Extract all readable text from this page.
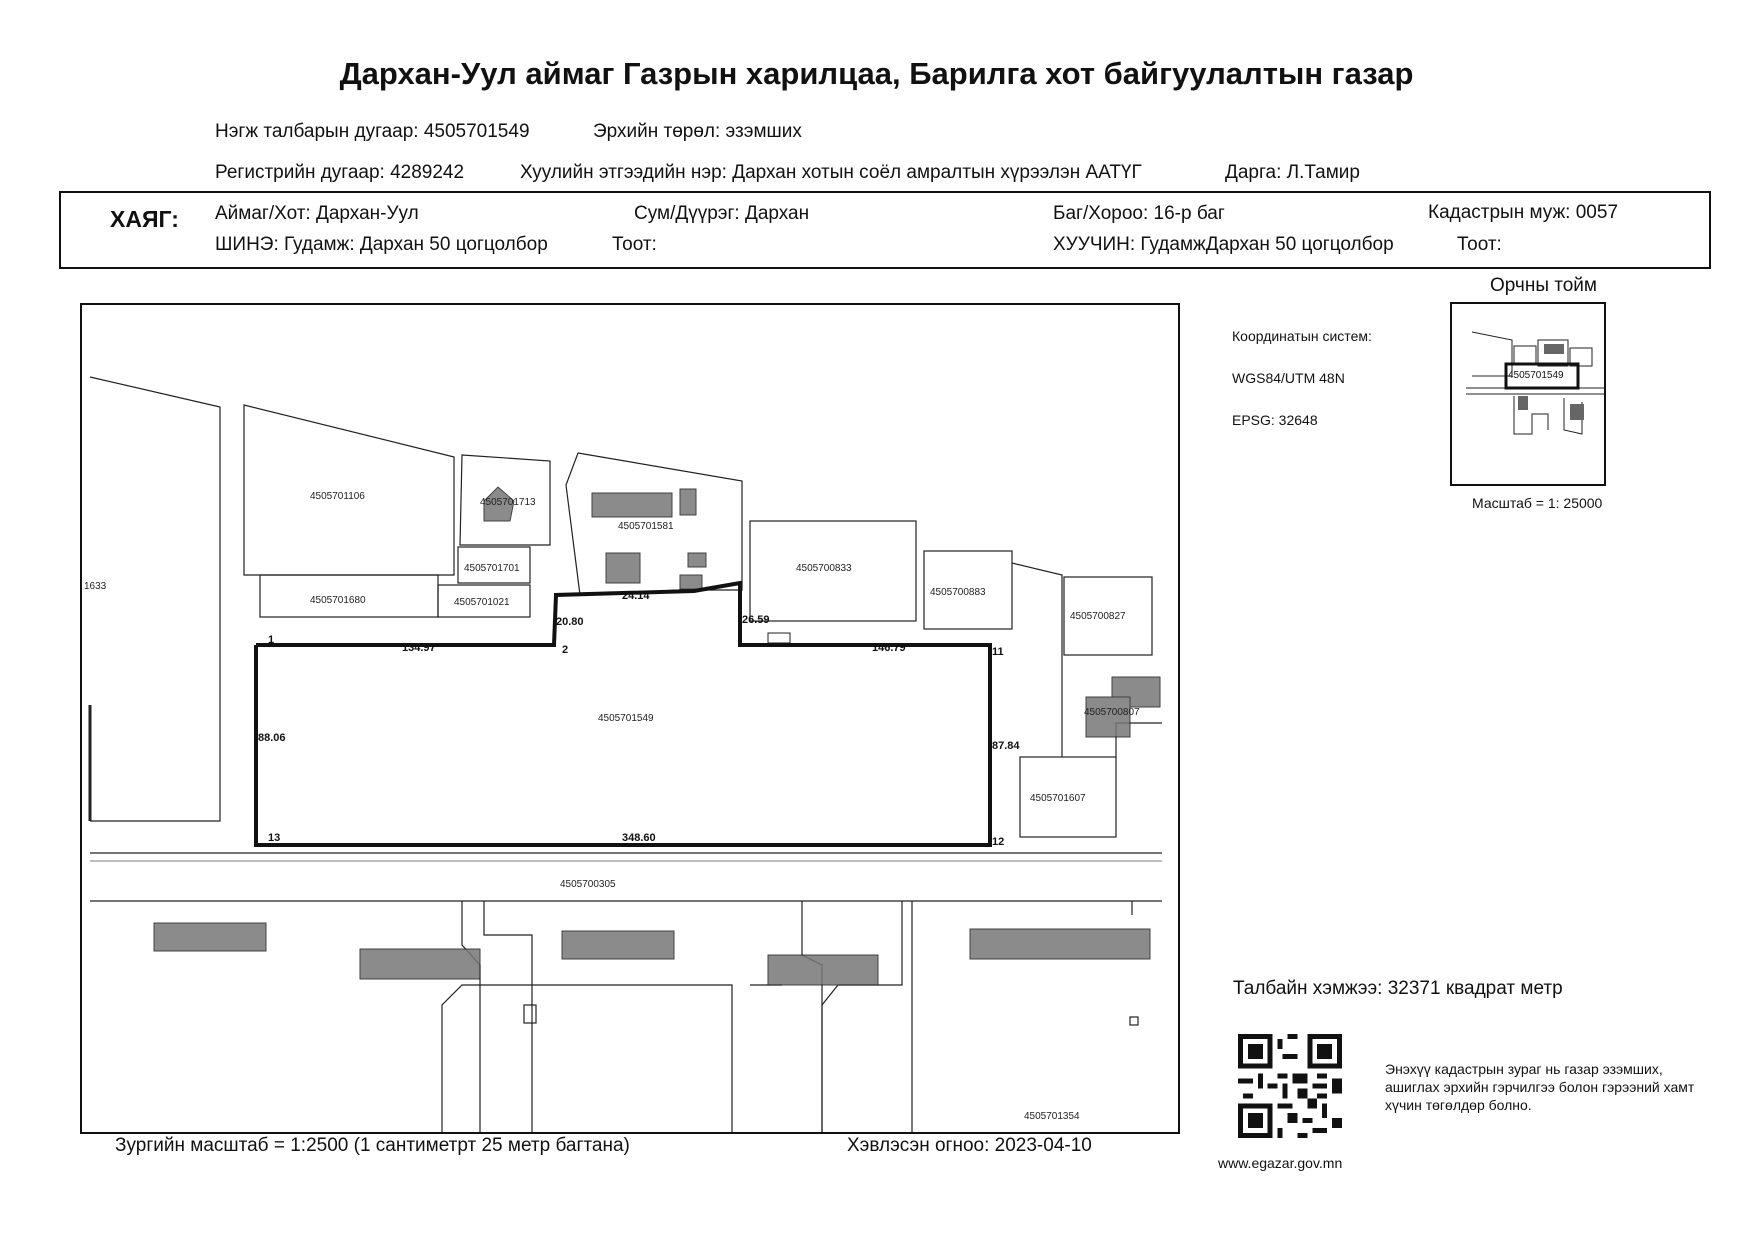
Дархан-Уул аймаг Газрын харилцаа, Барилга хот байгуулалтын газар
Нэгж талбарын дугаар: 4505701549	Эрхийн төрөл: эзэмших
Регистрийн дугаар: 4289242	Хуулийн этгээдийн нэр: Дархан хотын соёл амралтын хүрээлэн ААТҮГ	Дарга: Л.Тамир
ХАЯГ: Аймаг/Хот: Дархан-Уул	Сум/Дүүрэг: Дархан	Баг/Хороо: 16-р баг	Кадастрын муж: 0057
ШИНЭ: Гудамж: Дархан 50 цогцолбор	Тоот:	ХУУЧИН: ГудамжДархан 50 цогцолбор	Тоот:
4505701106
4505701713
4505701581
4505701701
4505701021
4505701680
4505700833
4505700883
4505700827
4505700807
4505701607
1633
4505701549
4505700305
4505701354
20.80
88.06
87.84
26.59
24.14
146.79
134.97
348.60
1
2	11
12
13
Орчны тойм
4505701549
Масштаб = 1: 25000
Координатын систем:
WGS84/UTM 48N
EPSG: 32648
Талбайн хэмжээ: 32371 квадрат метр
Энэхүү кадастрын зураг нь газар эзэмших, ашиглах эрхийн гэрчилгээ болон гэрээний хамт хүчин төгөлдөр болно.
www.egazar.gov.mn
Зургийн масштаб = 1:2500 (1 сантиметрт 25 метр багтана)	Хэвлэсэн огноо: 2023-04-10
